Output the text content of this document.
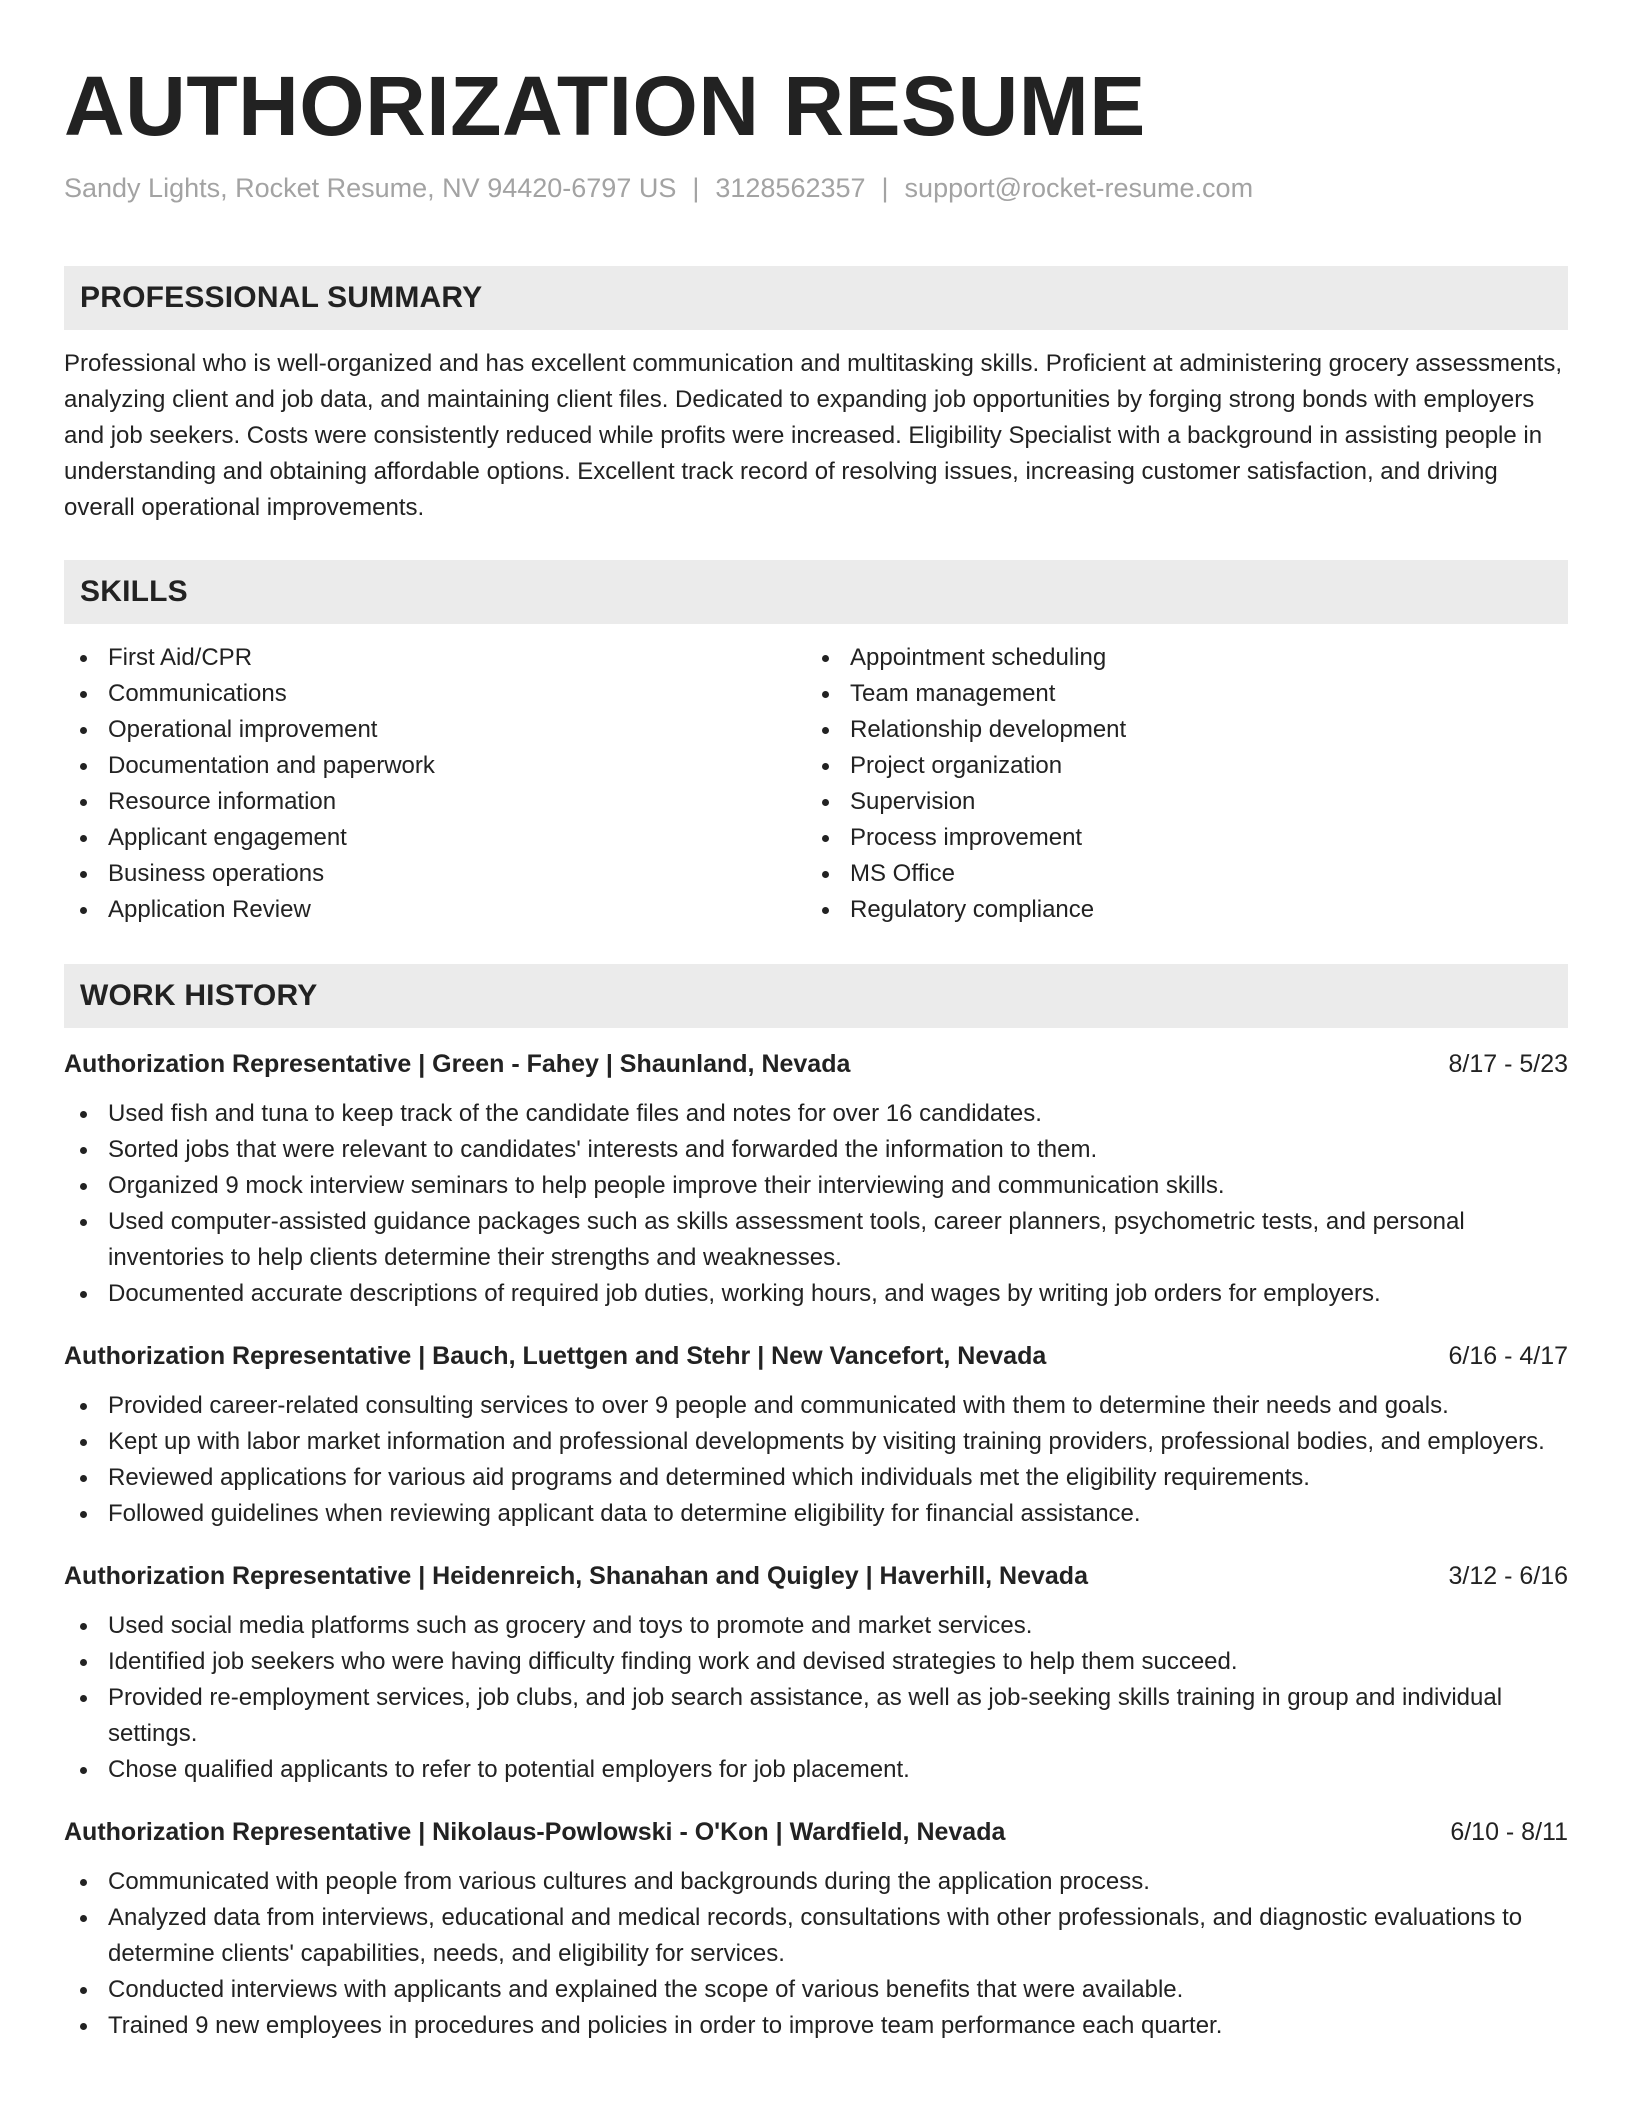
AUTHORIZATION RESUME
Sandy Lights, Rocket Resume, NV 94420-6797 US | 3128562357 | support@rocket-resume.com
PROFESSIONAL SUMMARY
Professional who is well-organized and has excellent communication and multitasking skills. Proficient at administering grocery assessments, analyzing client and job data, and maintaining client files. Dedicated to expanding job opportunities by forging strong bonds with employers and job seekers. Costs were consistently reduced while profits were increased. Eligibility Specialist with a background in assisting people in understanding and obtaining affordable options. Excellent track record of resolving issues, increasing customer satisfaction, and driving overall operational improvements.
SKILLS
First Aid/CPR
Communications
Operational improvement
Documentation and paperwork
Resource information
Applicant engagement
Business operations
Application Review
Appointment scheduling
Team management
Relationship development
Project organization
Supervision
Process improvement
MS Office
Regulatory compliance
WORK HISTORY
Authorization Representative | Green - Fahey | Shaunland, Nevada	8/17 - 5/23
Used fish and tuna to keep track of the candidate files and notes for over 16 candidates.
Sorted jobs that were relevant to candidates' interests and forwarded the information to them.
Organized 9 mock interview seminars to help people improve their interviewing and communication skills.
Used computer-assisted guidance packages such as skills assessment tools, career planners, psychometric tests, and personal inventories to help clients determine their strengths and weaknesses.
Documented accurate descriptions of required job duties, working hours, and wages by writing job orders for employers.
Authorization Representative | Bauch, Luettgen and Stehr | New Vancefort, Nevada	6/16 - 4/17
Provided career-related consulting services to over 9 people and communicated with them to determine their needs and goals.
Kept up with labor market information and professional developments by visiting training providers, professional bodies, and employers.
Reviewed applications for various aid programs and determined which individuals met the eligibility requirements.
Followed guidelines when reviewing applicant data to determine eligibility for financial assistance.
Authorization Representative | Heidenreich, Shanahan and Quigley | Haverhill, Nevada	3/12 - 6/16
Used social media platforms such as grocery and toys to promote and market services.
Identified job seekers who were having difficulty finding work and devised strategies to help them succeed.
Provided re-employment services, job clubs, and job search assistance, as well as job-seeking skills training in group and individual settings.
Chose qualified applicants to refer to potential employers for job placement.
Authorization Representative | Nikolaus-Powlowski - O'Kon | Wardfield, Nevada	6/10 - 8/11
Communicated with people from various cultures and backgrounds during the application process.
Analyzed data from interviews, educational and medical records, consultations with other professionals, and diagnostic evaluations to determine clients' capabilities, needs, and eligibility for services.
Conducted interviews with applicants and explained the scope of various benefits that were available.
Trained 9 new employees in procedures and policies in order to improve team performance each quarter.
